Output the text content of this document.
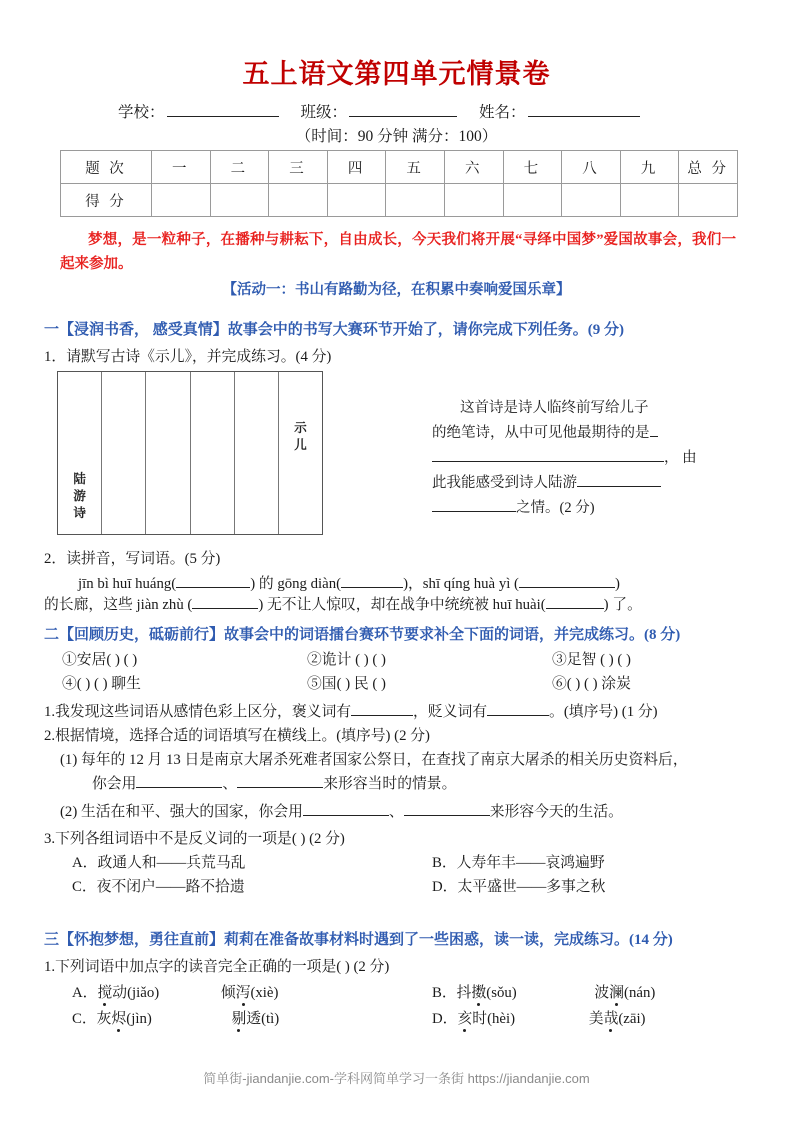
五上语文第四单元情景卷
学校：	班级：	姓名：
（时间：90 分钟 满分：100）
题 次	一	二	三	四	五	六	七	八	九	总 分
得 分										
梦想，是一粒种子，在播种与耕耘下，自由成长，今天我们将开展“寻绎中国梦”爱国故事会，我们一起来参加。
【活动一：书山有路勤为径，在积累中奏响爱国乐章】
一【浸润书香， 感受真情】故事会中的书写大赛环节开始了，请你完成下列任务。(9 分)
1．请默写古诗《示儿》，并完成练习。(4 分)
陆
游
诗
示
儿
这首诗是诗人临终前写给儿子
的绝笔诗，从中可见他最期待的是， 由 此我能感受到诗人陆游之情。(2 分)
2．读拼音，写词语。(5 分)
jīn bì huī huáng(	) 的 gōng diàn(	)，shī qíng huà yì (	)
的长廊，这些 jiàn zhù (	) 无不让人惊叹，却在战争中统统被 huī huài(	) 了。
二【回顾历史，砥砺前行】故事会中的词语擂台赛环节要求补全下面的词语，并完成练习。(8 分)
①安居( ) ( )	②诡计 ( ) ( )	③足智 ( ) ( )
④( ) ( ) 聊生	⑤国( ) 民 ( )	⑥( ) ( ) 涂炭
1.我发现这些词语从感情色彩上区分，褒义词有	，贬义词有	。(填序号) (1 分)
2.根据情境，选择合适的词语填写在横线上。(填序号) (2 分)
(1) 每年的 12 月 13 日是南京大屠杀死难者国家公祭日，在查找了南京大屠杀的相关历史资料后，
你会用	、	来形容当时的情景。
(2) 生活在和平、强大的国家，你会用	、	来形容今天的生活。
3.下列各组词语中不是反义词的一项是( ) (2 分)
A．政通人和——兵荒马乱	B．人寿年丰——哀鸿遍野
C．夜不闭户——路不拾遗	D．太平盛世——多事之秋
三【怀抱梦想，勇往直前】莉莉在准备故事材料时遇到了一些困惑，读一读，完成练习。(14 分)
1.下列词语中加点字的读音完全正确的一项是( ) (2 分)
A．搅动(jiǎo)	倾泻(xiè)	B．抖擞(sǒu)	波澜(nán)
C．灰烬(jìn)	剔透(tì)	D．亥时(hèi)	美哉(zāi)
简单街-jiandanjie.com-学科网简单学习一条街 https://jiandanjie.com
